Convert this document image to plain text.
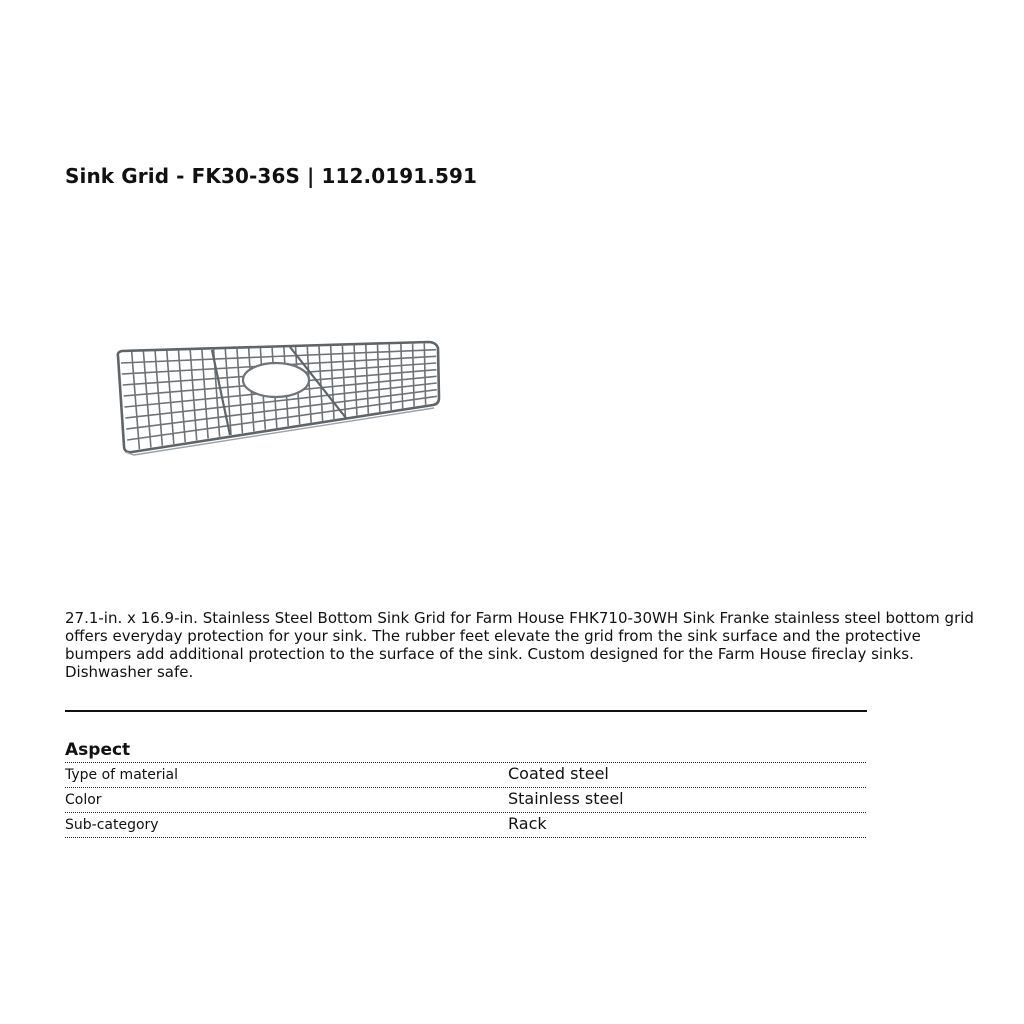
Sink Grid - FK30-36S | 112.0191.591

27.1-in. x 16.9-in. Stainless Steel Bottom Sink Grid for Farm House FHK710-30WH Sink Franke stainless steel bottom grid offers everyday protection for your sink. The rubber feet elevate the grid from the sink surface and the protective bumpers add additional protection to the surface of the sink. Custom designed for the Farm House fireclay sinks. Dishwasher safe.

Aspect
Type of material	Coated steel
Color	Stainless steel
Sub-category	Rack
